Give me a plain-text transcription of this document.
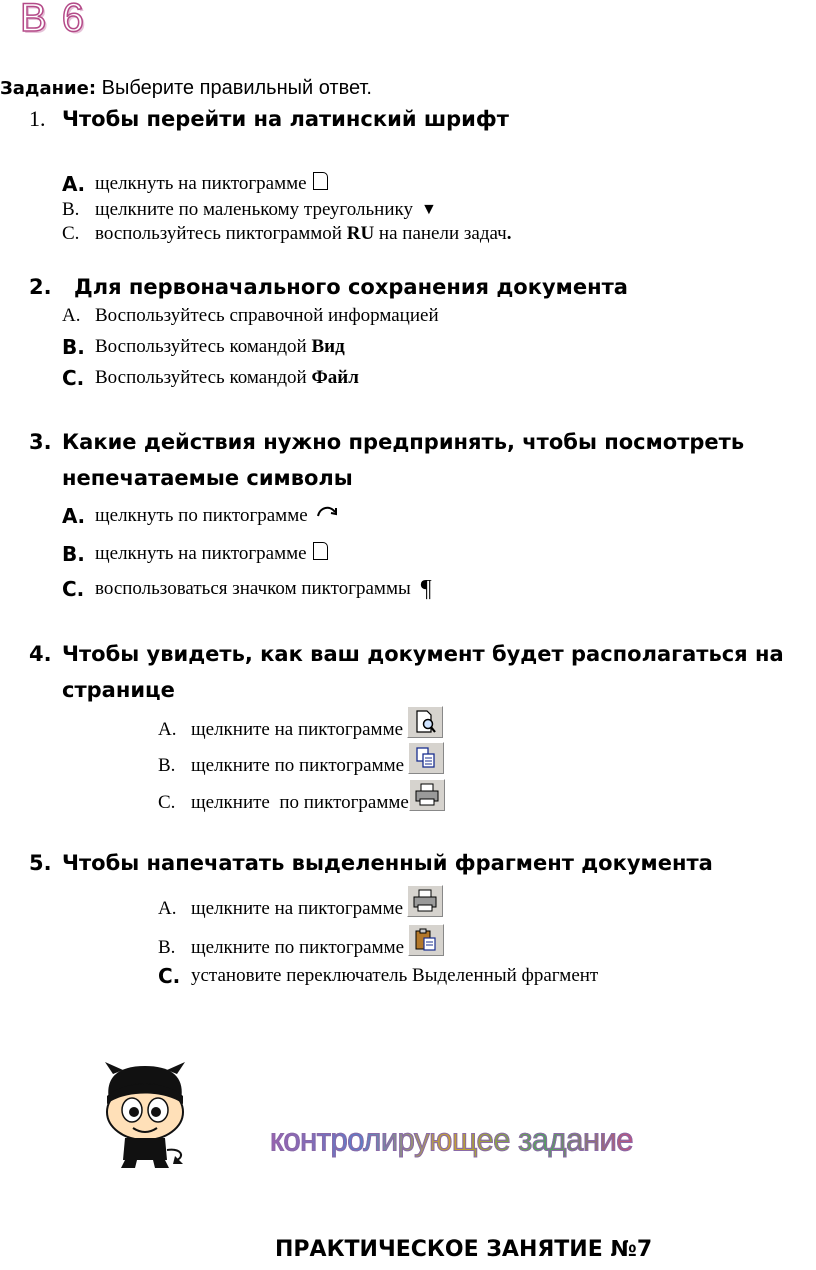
В 6
Задание: Выберите правильный ответ.
1. Чтобы перейти на латинский шрифт
А. щелкнуть на пиктограмме
В. щелкните по маленькому треугольнику ▼
С. воспользуйтесь пиктограммой RU на панели задач .
2. Для первоначального сохранения документа
А. Воспользуйтесь справочной информацией
В. Воспользуйтесь командой Вид
С. Воспользуйтесь командой Файл
3. Какие действия нужно предпринять, чтобы посмотреть непечатаемые символы
А. щелкнуть по пиктограмме
В. щелкнуть на пиктограмме
С. воспользоваться значком пиктограммы ¶
4. Чтобы увидеть, как ваш документ будет располагаться на странице
А. щелкните на пиктограмме
В. щелкните по пиктограмме
С. щелкните  по пиктограмме
5. Чтобы напечатать выделенный фрагмент документа
А. щелкните на пиктограмме
В. щелкните по пиктограмме
С. установите переключатель Выделенный фрагмент
контролирующее задание
ПРАКТИЧЕСКОЕ ЗАНЯТИЕ №7
